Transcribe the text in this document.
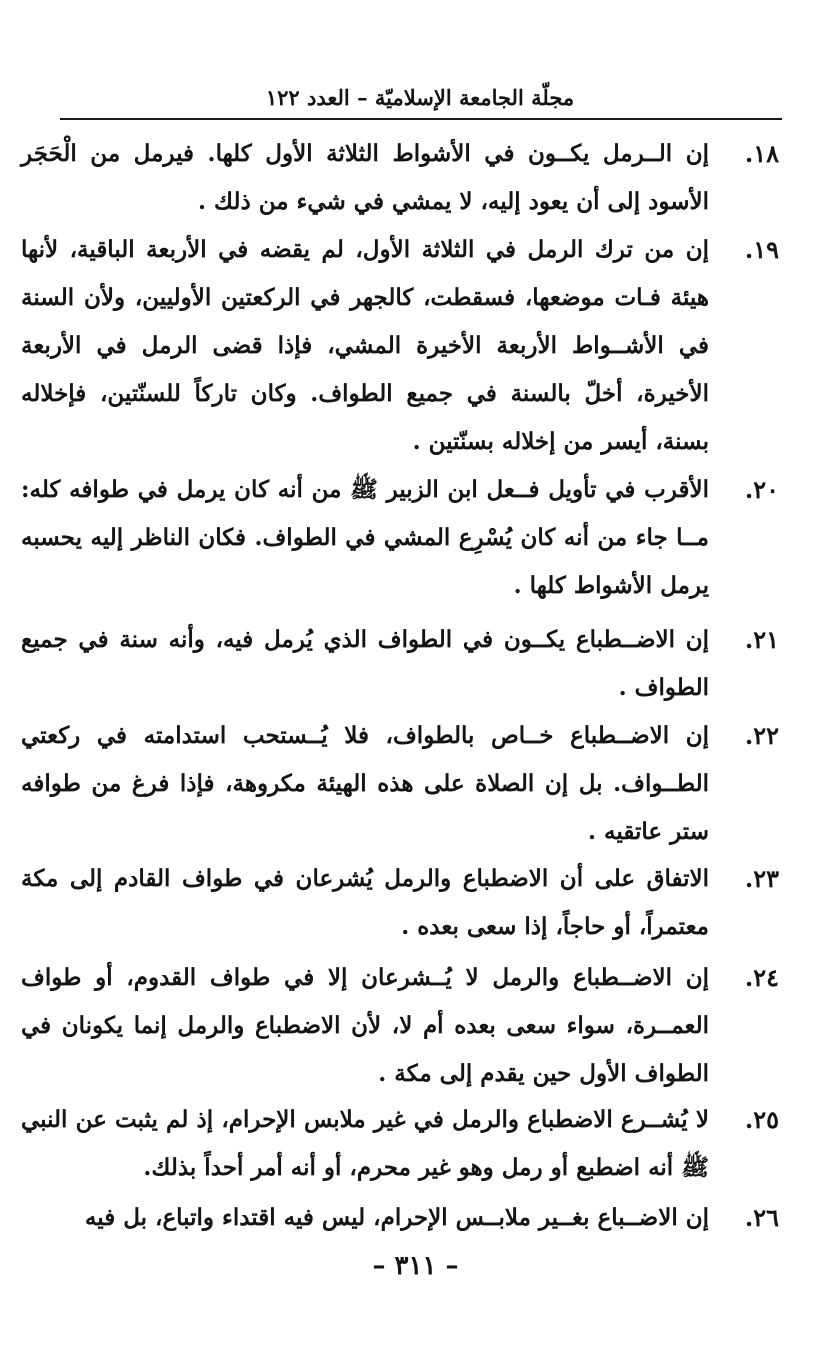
مجلّة الجامعة الإسلاميّة – العدد ١٢٢
١٨.
إن الــرمل يكــون في الأشواط الثلاثة الأول كلها. فيرمل من الْحَجَر الأسود إلى أن يعود إليه، لا يمشي في شيء من ذلك .
١٩.
إن من ترك الرمل في الثلاثة الأول، لم يقضه في الأربعة الباقية، لأنها هيئة فـات موضعها، فسقطت، كالجهر في الركعتين الأوليين، ولأن السنة في الأشــواط الأربعة الأخيرة المشي، فإذا قضى الرمل في الأربعة الأخيرة، أخلّ بالسنة في جميع الطواف. وكان تاركاً للسنّتين، فإخلاله بسنة، أيسر من إخلاله بسنّتين .
٢٠.
الأقرب في تأويل فــعل ابن الزبير ﷺ من أنه كان يرمل في طوافه كله: مــا جاء من أنه كان يُسْرِع المشي في الطواف. فكان الناظر إليه يحسبه يرمل الأشواط كلها .
٢١.
إن الاضــطباع يكــون في الطواف الذي يُرمل فيه، وأنه سنة في جميع الطواف .
٢٢.
إن الاضــطباع خــاص بالطواف، فلا يُــستحب استدامته في ركعتي الطــواف. بل إن الصلاة على هذه الهيئة مكروهة، فإذا فرغ من طوافه ستر عاتقيه .
٢٣.
الاتفاق على أن الاضطباع والرمل يُشرعان في طواف القادم إلى مكة معتمراً، أو حاجاً، إذا سعى بعده .
٢٤.
إن الاضــطباع والرمل لا يُــشرعان إلا في طواف القدوم، أو طواف العمــرة، سواء سعى بعده أم لا، لأن الاضطباع والرمل إنما يكونان في الطواف الأول حين يقدم إلى مكة .
٢٥.
لا يُشــرع الاضطباع والرمل في غير ملابس الإحرام، إذ لم يثبت عن النبي ﷺ أنه اضطبع أو رمل وهو غير محرم، أو أنه أمر أحداً بذلك.
٢٦.
إن الاضــباع بغــير ملابــس الإحرام، ليس فيه اقتداء واتباع، بل فيه
– ٣١١ –
